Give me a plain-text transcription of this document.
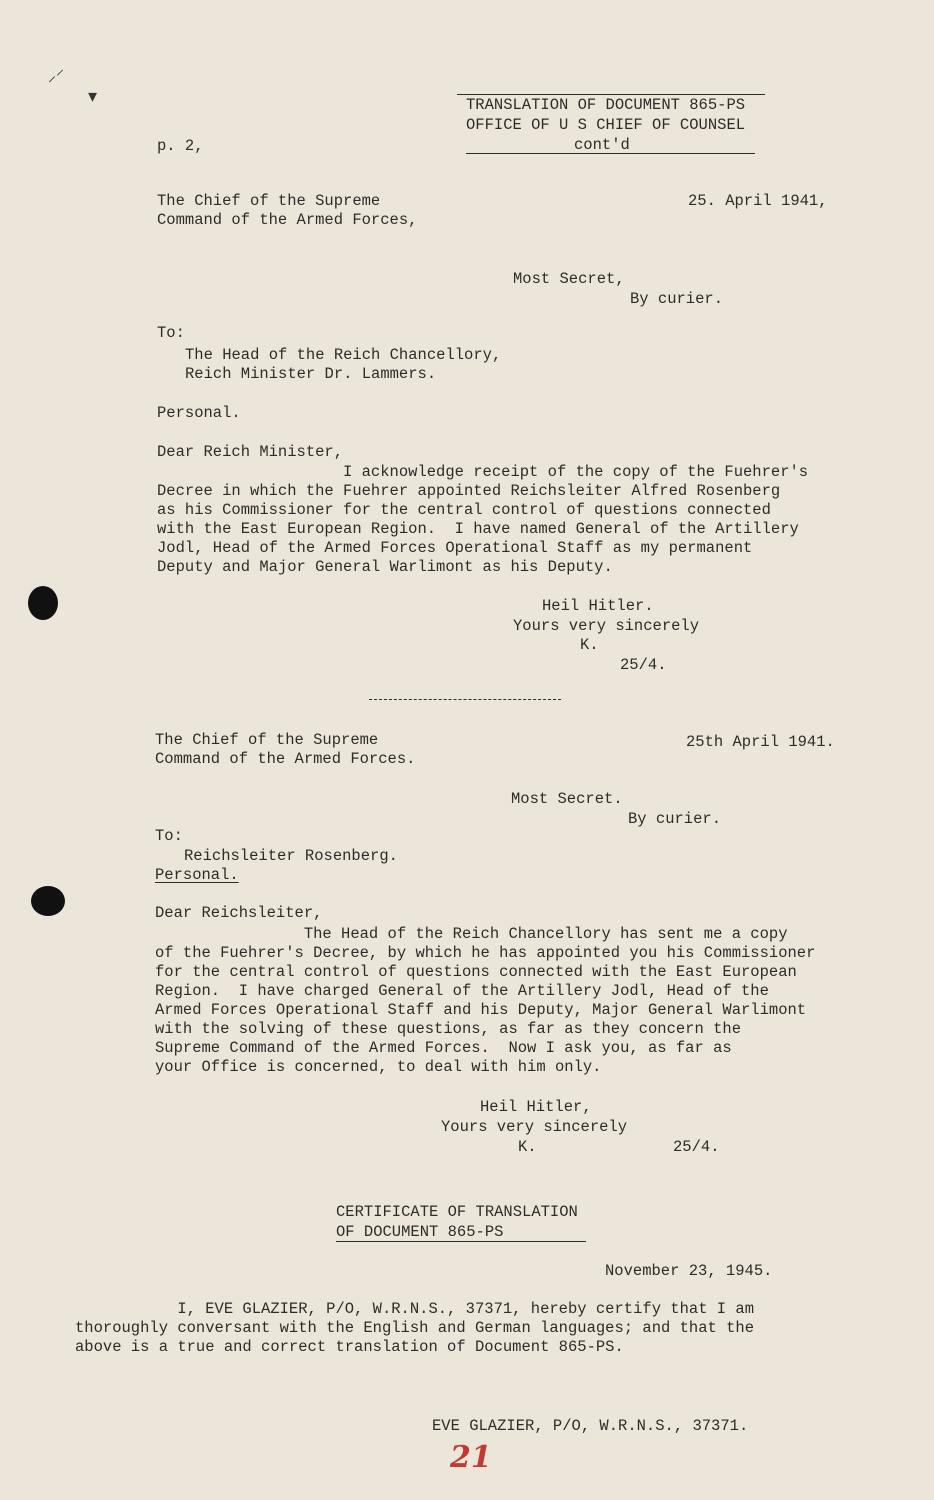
⸝⸍
▾	TRANSLATION OF DOCUMENT 865-PS
OFFICE OF U S CHIEF OF COUNSEL
cont'd
p. 2,
The Chief of the Supreme
Command of the Armed Forces,
25. April 1941,
Most Secret,
By curier.
To:
The Head of the Reich Chancellory,
Reich Minister Dr. Lammers.
Personal.
Dear Reich Minister,
I acknowledge receipt of the copy of the Fuehrer's
Decree in which the Fuehrer appointed Reichsleiter Alfred Rosenberg
as his Commissioner for the central control of questions connected
with the East European Region.  I have named General of the Artillery
Jodl, Head of the Armed Forces Operational Staff as my permanent
Deputy and Major General Warlimont as his Deputy.
Heil Hitler.
Yours very sincerely
K.
25/4.
The Chief of the Supreme
Command of the Armed Forces.
25th April 1941.
Most Secret.
By curier.
To:
Reichsleiter Rosenberg.
Personal.
Dear Reichsleiter,
The Head of the Reich Chancellory has sent me a copy
of the Fuehrer's Decree, by which he has appointed you his Commissioner
for the central control of questions connected with the East European
Region.  I have charged General of the Artillery Jodl, Head of the
Armed Forces Operational Staff and his Deputy, Major General Warlimont
with the solving of these questions, as far as they concern the
Supreme Command of the Armed Forces.  Now I ask you, as far as
your Office is concerned, to deal with him only.
Heil Hitler,
Yours very sincerely
K.	25/4.
CERTIFICATE OF TRANSLATION
OF DOCUMENT 865-PS
November 23, 1945.
I, EVE GLAZIER, P/O, W.R.N.S., 37371, hereby certify that I am
thoroughly conversant with the English and German languages; and that the
above is a true and correct translation of Document 865-PS.
EVE GLAZIER, P/O, W.R.N.S., 37371.
21
